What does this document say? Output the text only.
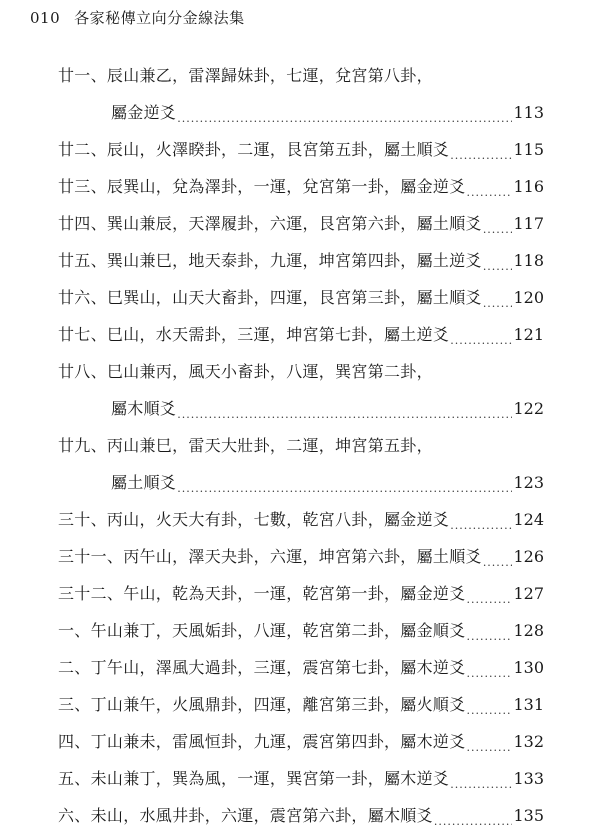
010 各家秘傳立向分金線法集
廿一、辰山兼乙，雷澤歸妹卦，七運，兌宮第八卦，
屬金逆爻 .....	113
廿二、辰山，火澤睽卦，二運，艮宮第五卦，屬土順爻 .....	115
廿三、辰巽山，兌為澤卦，一運，兌宮第一卦，屬金逆爻 .....	116
廿四、巽山兼辰，天澤履卦，六運，艮宮第六卦，屬土順爻 ..... 117
廿五、巽山兼巳，地天泰卦，九運，坤宮第四卦，屬土逆爻 ..... 118
廿六、巳巽山，山天大畜卦，四運，艮宮第三卦，屬土順爻 ..... 120
廿七、巳山，水天需卦，三運，坤宮第七卦，屬土逆爻 .....	121
廿八、巳山兼丙，風天小畜卦，八運，巽宮第二卦，
屬木順爻 .....	122
廿九、丙山兼巳，雷天大壯卦，二運，坤宮第五卦，
屬土順爻 .....	123
三十、丙山，火天大有卦，七數，乾宮八卦，屬金逆爻 .....	124
三十一、丙午山，澤天夬卦，六運，坤宮第六卦，屬土順爻 ..... 126
三十二、午山，乾為天卦，一運，乾宮第一卦，屬金逆爻 .....	127
一、午山兼丁，天風姤卦，八運，乾宮第二卦，屬金順爻 .....	128
二、丁午山，澤風大過卦，三運，震宮第七卦，屬木逆爻 .....	130
三、丁山兼午，火風鼎卦，四運，離宮第三卦，屬火順爻 .....	131
四、丁山兼未，雷風恒卦，九運，震宮第四卦，屬木逆爻 .....	132
五、未山兼丁，巽為風，一運，巽宮第一卦，屬木逆爻 .....	133
六、未山，水風井卦，六運，震宮第六卦，屬木順爻 .....	135
